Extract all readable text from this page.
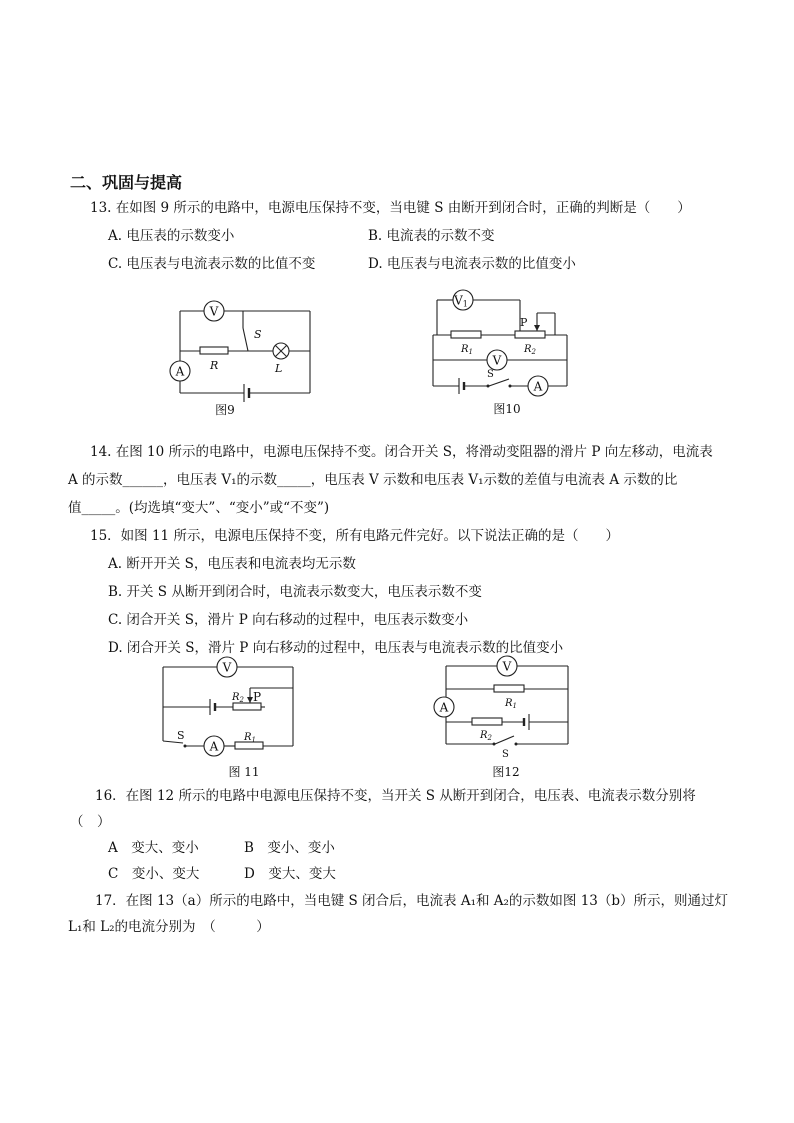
二、巩固与提高
13. 在如图 9 所示的电路中，电源电压保持不变，当电键 S 由断开到闭合时，正确的判断是（　　）
A. 电压表的示数变小	B. 电流表的示数不变
C. 电压表与电流表示数的比值不变	D. 电压表与电流表示数的比值变小
V
A
S
R	L
图9
V1
V
A
P
$R_1$	$R_2$
S
图10
14. 在图 10 所示的电路中，电源电压保持不变。闭合开关 S，将滑动变阻器的滑片 P 向左移动，电流表
A 的示数______，电压表 V₁的示数_____，电压表 V 示数和电压表 V₁示数的差值与电流表 A 示数的比
值_____。(均选填“变大”、“变小”或“不变”)
15．如图 11 所示，电源电压保持不变，所有电路元件完好。以下说法正确的是（　　）
A. 断开开关 S，电压表和电流表均无示数
B. 开关 S 从断开到闭合时，电流表示数变大，电压表示数不变
C. 闭合开关 S，滑片 P 向右移动的过程中，电压表示数变小
D. 闭合开关 S，滑片 P 向右移动的过程中，电压表与电流表示数的比值变小
V
A
P
$R_2$
$R_1$
S
图 11
V
A	$R_1$
$R_2$
S
图12
16．在图 12 所示的电路中电源电压保持不变，当开关 S 从断开到闭合，电压表、电流表示数分别将
（　）
A　变大、变小	B　变小、变小
C　变小、变大	D　变大、变大
17．在图 13（a）所示的电路中，当电键 S 闭合后，电流表 A₁和 A₂的示数如图 13（b）所示，则通过灯
L₁和 L₂的电流分别为　（　　　）
